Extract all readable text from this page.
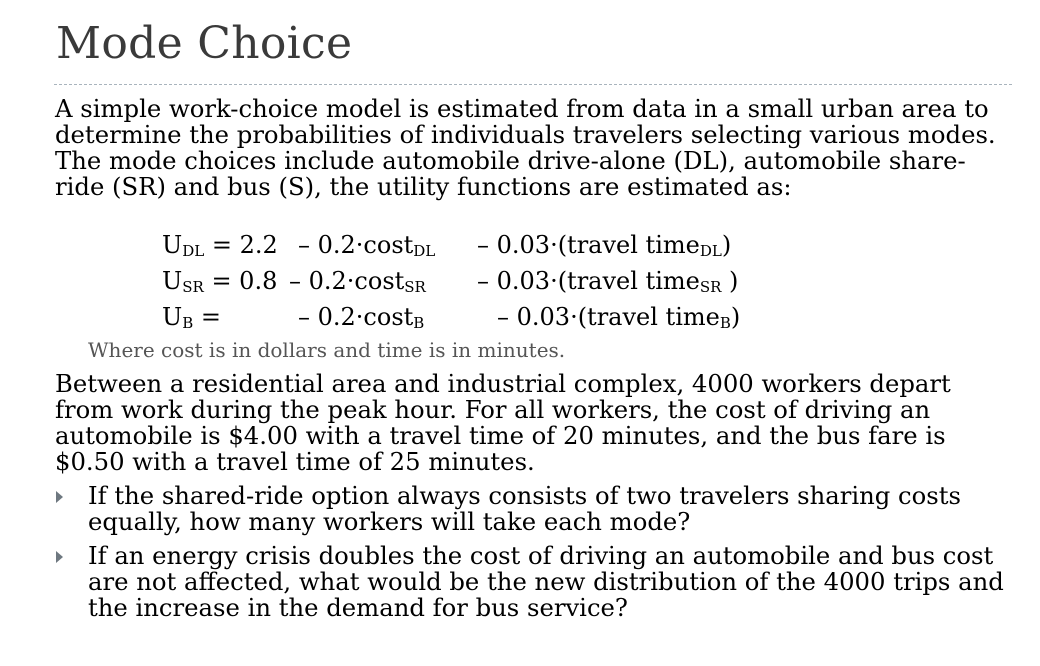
Mode Choice
A simple work-choice model is estimated from data in a small urban area to determine the probabilities of individuals travelers selecting various modes. The mode choices include automobile drive-alone (DL), automobile share-ride (SR) and bus (S), the utility functions are estimated as:
$U_{DL} = 2.2 - 0.2\cdot\cos t_{DL}$ – 0.03·(travel time$_{DL}$)
$U_{SR} = 0.8 - 0.2\cdot\cos t_{SR}$ – 0.03·(travel time$_{SR}$ )
$U_B$ =	– 0.2·cost$_B$	– 0.03·(travel time$_B$)
Where cost is in dollars and time is in minutes.
Between a residential area and industrial complex, 4000 workers depart from work during the peak hour. For all workers, the cost of driving an automobile is $4.00 with a travel time of 20 minutes, and the bus fare is $0.50 with a travel time of 25 minutes.
If the shared-ride option always consists of two travelers sharing costs equally, how many workers will take each mode?
If an energy crisis doubles the cost of driving an automobile and bus cost are not affected, what would be the new distribution of the 4000 trips and the increase in the demand for bus service?
